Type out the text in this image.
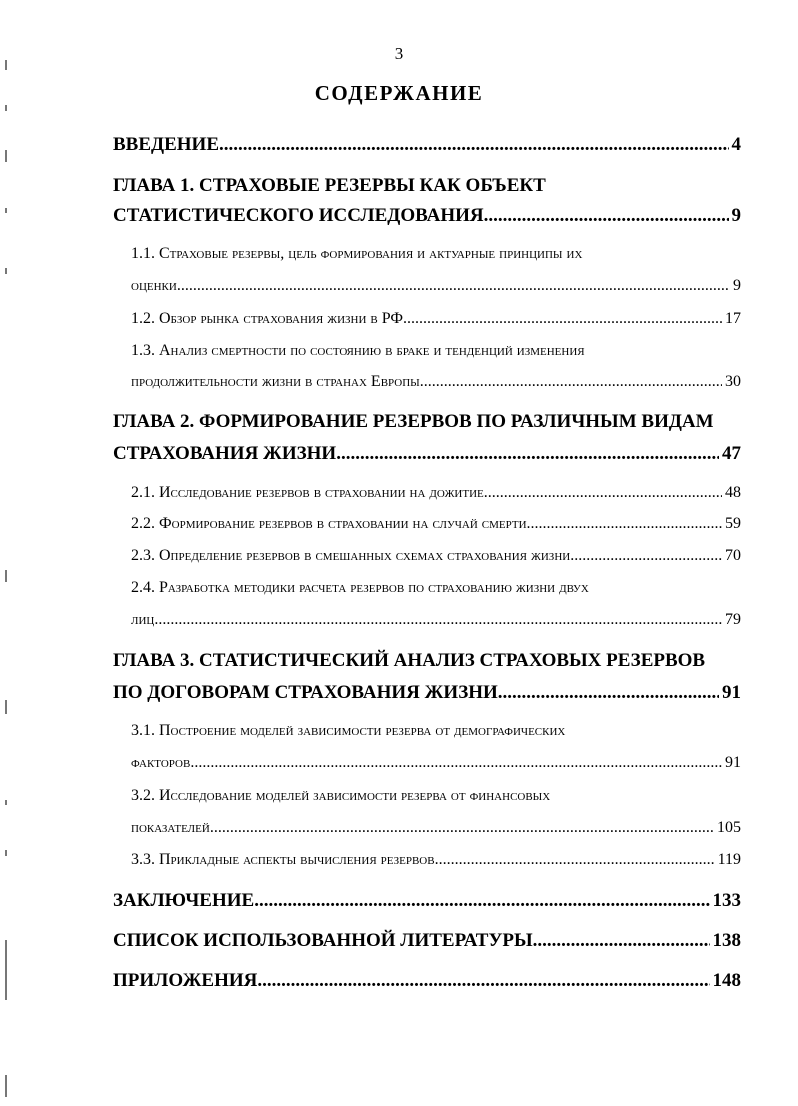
3
СОДЕРЖАНИЕ
ВВЕДЕНИЕ .....	4
ГЛАВА 1. СТРАХОВЫЕ РЕЗЕРВЫ КАК ОБЪЕКТ
СТАТИСТИЧЕСКОГО ИССЛЕДОВАНИЯ .....	9
1.1. Страховые резервы, цель формирования и актуарные принципы их
оценки .....	9
1.2. Обзор рынка страхования жизни в РФ .....	17
1.3. Анализ смертности по состоянию в браке и тенденций изменения
продолжительности жизни в странах Европы .....	30
ГЛАВА 2. ФОРМИРОВАНИЕ РЕЗЕРВОВ ПО РАЗЛИЧНЫМ ВИДАМ
СТРАХОВАНИЯ ЖИЗНИ .....	47
2.1. Исследование резервов в страховании на дожитие .....	48
2.2. Формирование резервов в страховании на случай смерти .....	59
2.3. Определение резервов в смешанных схемах страхования жизни .....	70
2.4. Разработка методики расчета резервов по страхованию жизни двух
лиц .....	79
ГЛАВА 3. СТАТИСТИЧЕСКИЙ АНАЛИЗ СТРАХОВЫХ РЕЗЕРВОВ
ПО ДОГОВОРАМ СТРАХОВАНИЯ ЖИЗНИ .....	91
3.1. Построение моделей зависимости резерва от демографических
факторов .....	91
3.2. Исследование моделей зависимости резерва от финансовых
показателей .....	105
3.3. Прикладные аспекты вычисления резервов .....	119
ЗАКЛЮЧЕНИЕ .....	133
СПИСОК ИСПОЛЬЗОВАННОЙ ЛИТЕРАТУРЫ .....	138
ПРИЛОЖЕНИЯ .....	148
